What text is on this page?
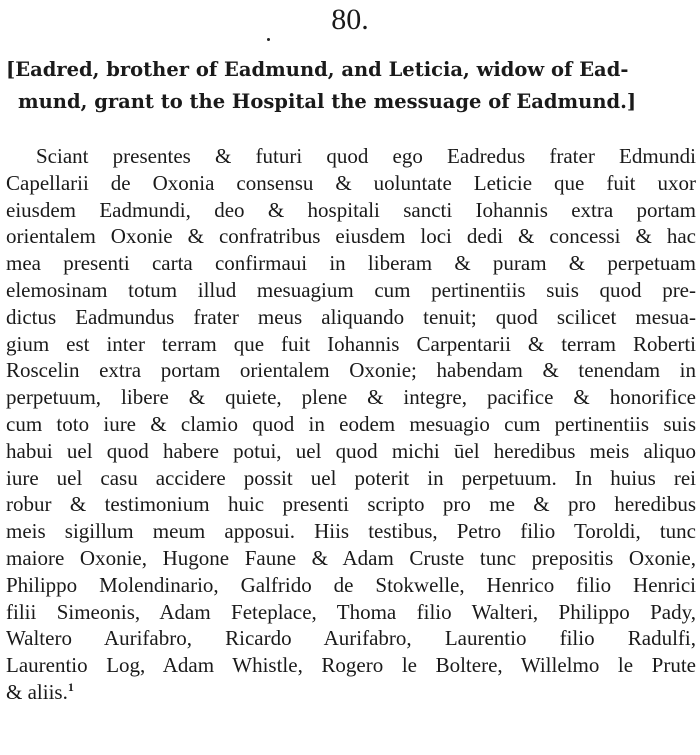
80.
[Eadred, brother of Eadmund, and Leticia, widow of Ead-
mund, grant to the Hospital the messuage of Eadmund.]
Sciant presentes & futuri quod ego Eadredus frater Edmundi
Capellarii de Oxonia consensu & uoluntate Leticie que fuit uxor
eiusdem Eadmundi, deo & hospitali sancti Iohannis extra portam
orientalem Oxonie & confratribus eiusdem loci dedi & concessi & hac
mea presenti carta confirmaui in liberam & puram & perpetuam
elemosinam totum illud mesuagium cum pertinentiis suis quod pre-
dictus Eadmundus frater meus aliquando tenuit; quod scilicet mesua-
gium est inter terram que fuit Iohannis Carpentarii & terram Roberti
Roscelin extra portam orientalem Oxonie; habendam & tenendam in
perpetuum, libere & quiete, plene & integre, pacifice & honorifice
cum toto iure & clamio quod in eodem mesuagio cum pertinentiis suis
habui uel quod habere potui, uel quod michi ūel heredibus meis aliquo
iure uel casu accidere possit uel poterit in perpetuum. In huius rei
robur & testimonium huic presenti scripto pro me & pro heredibus
meis sigillum meum apposui. Hiis testibus, Petro filio Toroldi, tunc
maiore Oxonie, Hugone Faune & Adam Cruste tunc prepositis Oxonie,
Philippo Molendinario, Galfrido de Stokwelle, Henrico filio Henrici
filii Simeonis, Adam Feteplace, Thoma filio Walteri, Philippo Pady,
Waltero Aurifabro, Ricardo Aurifabro, Laurentio filio Radulfi,
Laurentio Log, Adam Whistle, Rogero le Boltere, Willelmo le Prute
& aliis.$^1$
